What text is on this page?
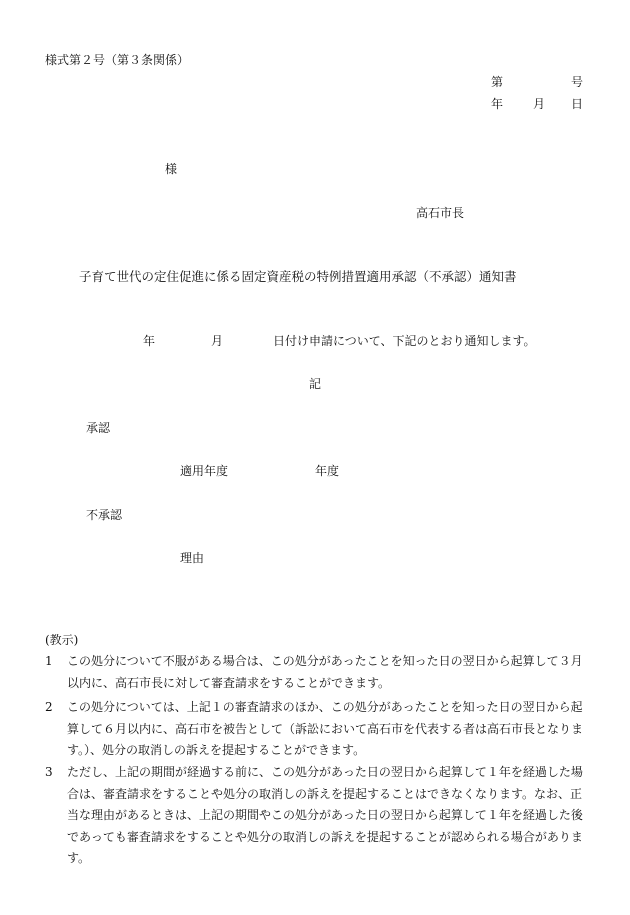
様式第２号（第３条関係）
第	号
年 月 日
様
高石市長
子育て世代の定住促進に係る固定資産税の特例措置適用承認（不承認）通知書
年	月	日付け申請について、下記のとおり通知します。
記
承認
適用年度	年度
不承認
理由
(教示)
1 この処分について不服がある場合は、この処分があったことを知った日の翌日から起算して３月以内に、高石市長に対して審査請求をすることができます。
2 この処分については、上記１の審査請求のほか、この処分があったことを知った日の翌日から起算して６月以内に、高石市を被告として（訴訟において高石市を代表する者は高石市長となります。）、処分の取消しの訴えを提起することができます。
3 ただし、上記の期間が経過する前に、この処分があった日の翌日から起算して１年を経過した場合は、審査請求をすることや処分の取消しの訴えを提起することはできなくなります。なお、正当な理由があるときは、上記の期間やこの処分があった日の翌日から起算して１年を経過した後であっても審査請求をすることや処分の取消しの訴えを提起することが認められる場合があります。
